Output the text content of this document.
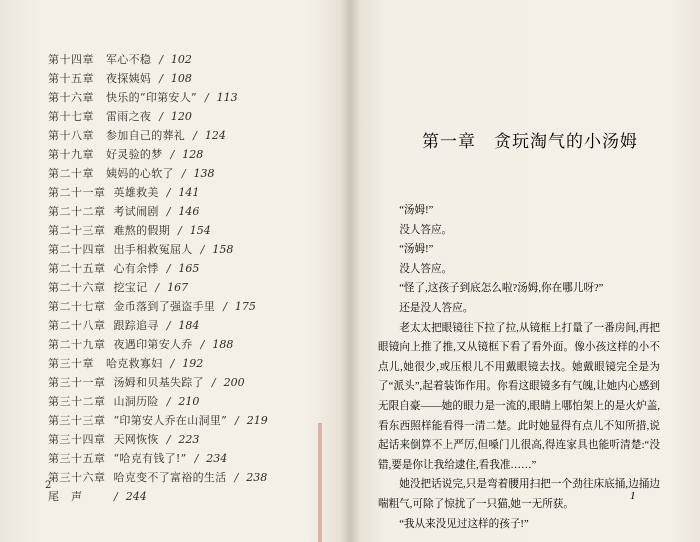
第十四章	军心不稳 / 102
第十五章	夜探姨妈 / 108
第十六章	快乐的“印第安人” / 113
第十七章	雷雨之夜 / 120
第十八章	参加自己的葬礼 / 124
第十九章	好灵验的梦 / 128
第二十章	姨妈的心软了 / 138
第二十一章 英雄救美 / 141
第二十二章 考试闹剧 / 146
第二十三章 难熬的假期 / 154
第二十四章 出手相救冤屈人 / 158
第二十五章 心有余悸 / 165
第二十六章 挖宝记 / 167
第二十七章 金币落到了强盗手里 / 175
第二十八章 跟踪追寻 / 184
第二十九章 夜遇印第安人乔 / 188
第三十章	哈克救寡妇 / 192
第三十一章 汤姆和贝基失踪了 / 200
第三十二章 山洞历险 / 210
第三十三章 “印第安人乔在山洞里” / 219
第三十四章 天网恢恢 / 223
第三十五章 “哈克有钱了!” / 234
第三十六章 哈克变不了富裕的生活 / 238
尾　声	/ 244
2
第一章 贪玩淘气的小汤姆

“汤姆!”

没人答应。

“汤姆!”

没人答应。

“怪了,这孩子到底怎么啦?汤姆,你在哪儿呀?”

还是没人答应。

老太太把眼镜往下拉了拉,从镜框上打量了一番房间,再把眼镜向上推了推,又从镜框下看了看外面。像小孩这样的小不点儿,她很少,或压根儿不用戴眼镜去找。她戴眼镜完全是为了“派头”,起着装饰作用。你看这眼镜多有气魄,让她内心感到无限自豪——她的眼力是一流的,眼睛上哪怕架上的是火炉盖,看东西照样能看得一清二楚。此时她显得有点儿不知所措,说起话来倒算不上严厉,但嗓门儿很高,得连家具也能听清楚:“没错,要是你让我给逮住,看我准……”

她没把话说完,只是弯着腰用扫把一个劲往床底捅,边捅边喘粗气,可除了惊扰了一只猫,她一无所获。

“我从来没见过这样的孩子!”

1
